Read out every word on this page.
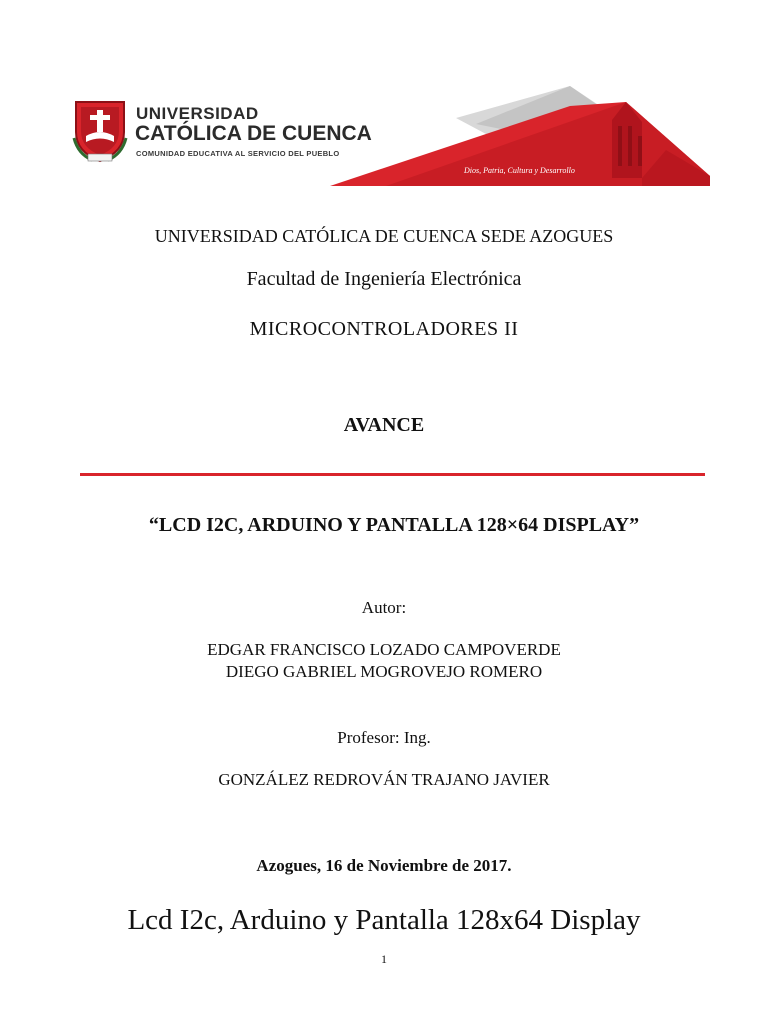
UNIVERSIDAD
CATÓLICA DE CUENCA
COMUNIDAD EDUCATIVA AL SERVICIO DEL PUEBLO
Dios, Patria, Cultura y Desarrollo
UNIVERSIDAD CATÓLICA DE CUENCA SEDE AZOGUES
Facultad de Ingeniería Electrónica
MICROCONTROLADORES II
AVANCE
“LCD I2C, ARDUINO Y PANTALLA 128×64 DISPLAY”
Autor:
EDGAR FRANCISCO LOZADO CAMPOVERDE
DIEGO GABRIEL MOGROVEJO ROMERO
Profesor: Ing.
GONZÁLEZ REDROVÁN TRAJANO JAVIER
Azogues, 16 de Noviembre de 2017.
Lcd I2c, Arduino y Pantalla 128x64 Display
1
